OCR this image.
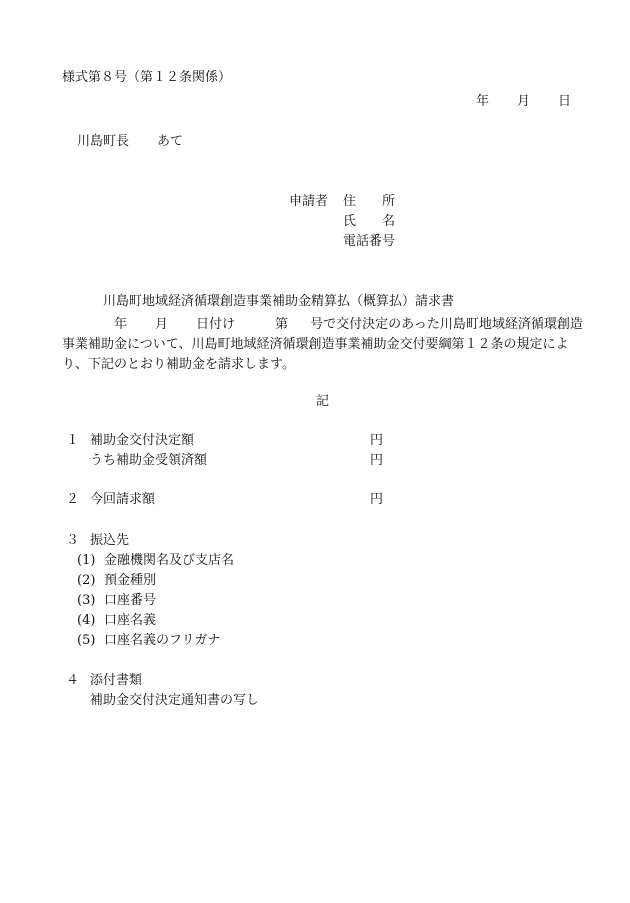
様式第８号（第１２条関係）
年 月 日
川島町長 あて
申請者 住　　所
氏　　名
電話番号
川島町地域経済循環創造事業補助金精算払（概算払）請求書
年 月 日付け	第 号で交付決定のあった川島町地域経済循環創造事業補助金について、川島町地域経済循環創造事業補助金交付要綱第１２条の規定により、下記のとおり補助金を請求します。
記
１ 補助金交付決定額	円
うち補助金受領済額	円
２ 今回請求額	円
３ 振込先
(1) 金融機関名及び支店名
(2) 預金種別
(3) 口座番号
(4) 口座名義
(5) 口座名義のフリガナ
４ 添付書類
補助金交付決定通知書の写し
